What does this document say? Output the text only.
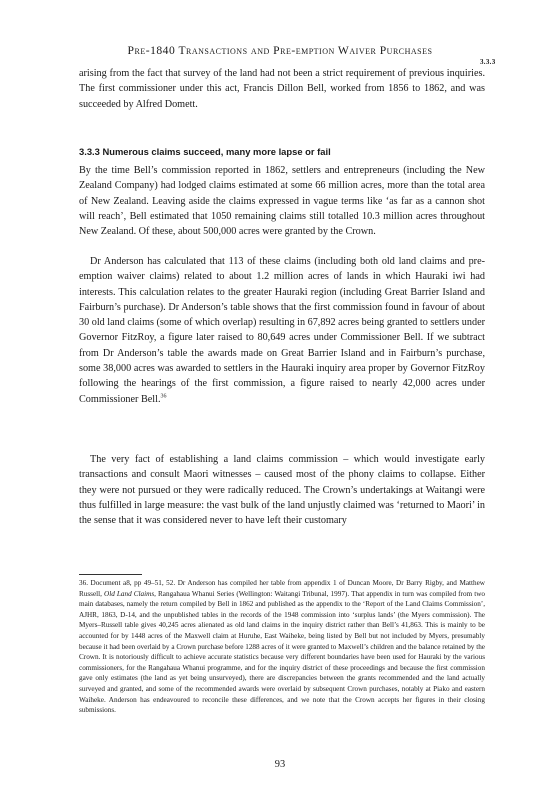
Pre-1840 Transactions and Pre-emption Waiver Purchases
3.3.3

arising from the fact that survey of the land had not been a strict requirement of previous inquiries. The first commissioner under this act, Francis Dillon Bell, worked from 1856 to 1862, and was succeeded by Alfred Domett.

3.3.3 Numerous claims succeed, many more lapse or fail

By the time Bell’s commission reported in 1862, settlers and entrepreneurs (including the New Zealand Company) had lodged claims estimated at some 66 million acres, more than the total area of New Zealand. Leaving aside the claims expressed in vague terms like ‘as far as a cannon shot will reach’, Bell estimated that 1050 remaining claims still totalled 10.3 million acres throughout New Zealand. Of these, about 500,000 acres were granted by the Crown.

Dr Anderson has calculated that 113 of these claims (including both old land claims and pre-emption waiver claims) related to about 1.2 million acres of lands in which Hauraki iwi had interests. This calculation relates to the greater Hauraki region (including Great Barrier Island and Fairburn’s purchase). Dr Anderson’s table shows that the first commission found in favour of about 30 old land claims (some of which overlap) resulting in 67,892 acres being granted to settlers under Governor FitzRoy, a figure later raised to 80,649 acres under Commissioner Bell. If we subtract from Dr Anderson’s table the awards made on Great Barrier Island and in Fairburn’s purchase, some 38,000 acres was awarded to settlers in the Hauraki inquiry area proper by Governor FitzRoy following the hearings of the first commission, a figure raised to nearly 42,000 acres under Commissioner Bell.$^{36}$

The very fact of establishing a land claims commission – which would investigate early transactions and consult Maori witnesses – caused most of the phony claims to collapse. Either they were not pursued or they were radically reduced. The Crown’s undertakings at Waitangi were thus fulfilled in large measure: the vast bulk of the land unjustly claimed was ‘returned to Maori’ in the sense that it was considered never to have left their customary

36. Document a8, pp 49–51, 52. Dr Anderson has compiled her table from appendix 1 of Duncan Moore, Dr Barry Rigby, and Matthew Russell, Old Land Claims, Rangahaua Whanui Series (Wellington: Waitangi Tribunal, 1997). That appendix in turn was compiled from two main databases, namely the return compiled by Bell in 1862 and published as the appendix to the ‘Report of the Land Claims Commission’, AJHR, 1863, D-14, and the unpublished tables in the records of the 1948 commission into ‘surplus lands’ (the Myers commission). The Myers–Russell table gives 40,245 acres alienated as old land claims in the inquiry district rather than Bell’s 41,863. This is mainly to be accounted for by 1448 acres of the Maxwell claim at Huruhe, East Waiheke, being listed by Bell but not included by Myers, presumably because it had been overlaid by a Crown purchase before 1288 acres of it were granted to Maxwell’s children and the balance retained by the Crown. It is notoriously difficult to achieve accurate statistics because very different boundaries have been used for Hauraki by the various commissioners, for the Rangahaua Whanui programme, and for the inquiry district of these proceedings and because the first commission gave only estimates (the land as yet being unsurveyed), there are discrepancies between the grants recommended and the land actually surveyed and granted, and some of the recommended awards were overlaid by subsequent Crown purchases, notably at Piako and eastern Waiheke. Anderson has endeavoured to reconcile these differences, and we note that the Crown accepts her figures in their closing submissions.

93
